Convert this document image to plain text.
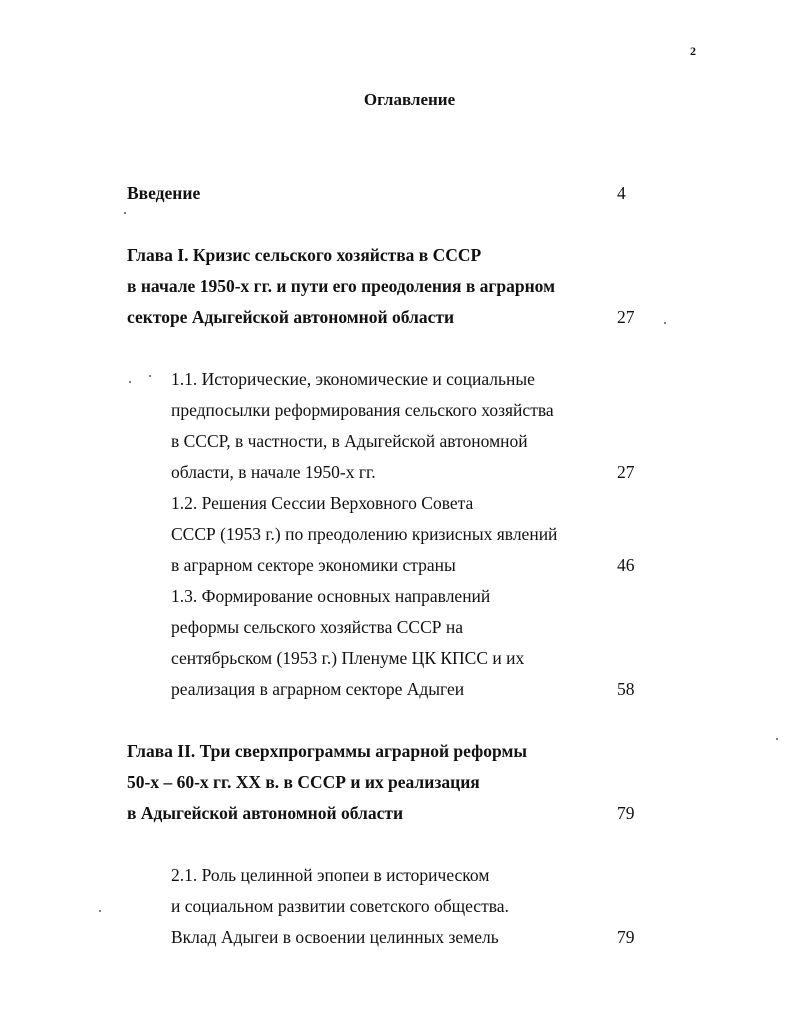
2
Оглавление
Введение	4
Глава I. Кризис сельского хозяйства в СССР
в начале 1950-х гг. и пути его преодоления в аграрном
секторе Адыгейской автономной области	27
1.1. Исторические, экономические и социальные
предпосылки реформирования сельского хозяйства
в СССР, в частности, в Адыгейской автономной
области, в начале 1950-х гг.	27
1.2. Решения Сессии Верховного Совета
СССР (1953 г.) по преодолению кризисных явлений
в аграрном секторе экономики страны	46
1.3. Формирование основных направлений
реформы сельского хозяйства СССР на
сентябрьском (1953 г.) Пленуме ЦК КПСС и их
реализация в аграрном секторе Адыгеи	58
Глава II. Три сверхпрограммы аграрной реформы
50-х – 60-х гг. XX в. в СССР и их реализация
в Адыгейской автономной области	79
2.1. Роль целинной эпопеи в историческом
и социальном развитии советского общества.
Вклад Адыгеи в освоении целинных земель	79
